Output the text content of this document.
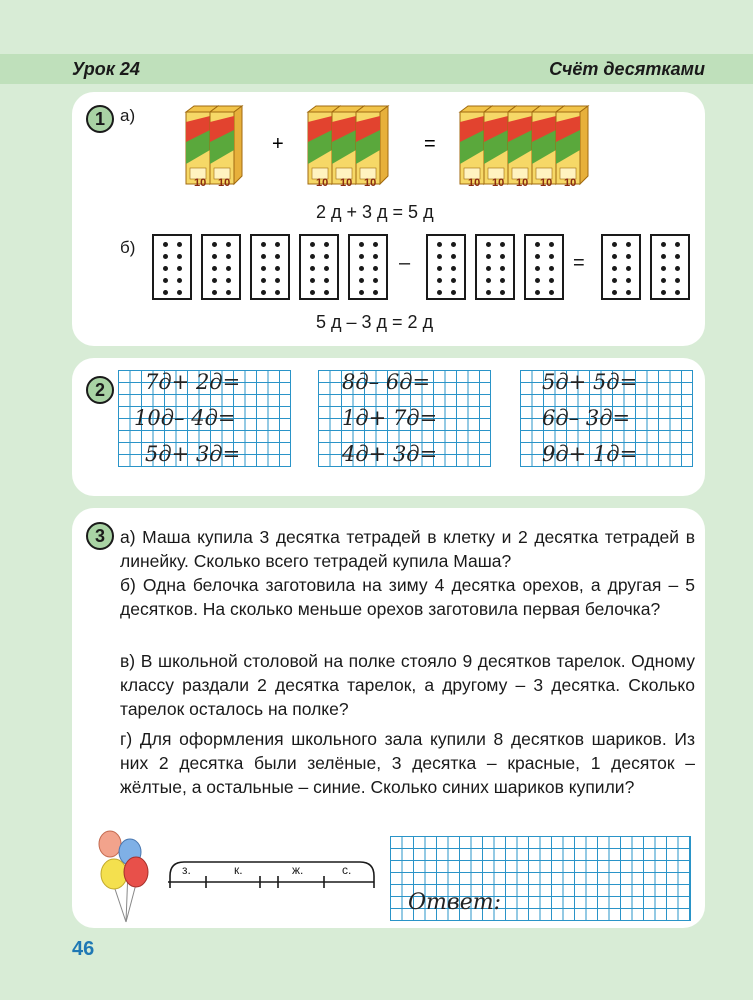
Урок 24	Счёт десятками
1 а)
10 10
+
10 10 10
=
10 10 10 10 10
2 д + 3 д = 5 д
б)
–	=
5 д – 3 д = 2 д
2	7д+ 2д=
10д– 4д=
5д+ 3д=
8д– 6д=
1д+ 7д=
4д+ 3д=
5д+ 5д=
6д– 3д=
9д+ 1д=
3 а) Маша купила 3 десятка тетрадей в клетку и 2 десятка тетрадей в линейку. Сколько всего тетрадей купила Маша?
б) Одна белочка заготовила на зиму 4 десятка орехов, а другая – 5 десятков. На сколько меньше орехов заготовила первая белочка?
в) В школьной столовой на полке стояло 9 десятков тарелок. Одному классу раздали 2 десятка тарелок, а другому – 3 десятка. Сколько тарелок осталось на полке?
г) Для оформления школьного зала купили 8 десятков шариков. Из них 2 десятка были зелёные, 3 десятка – красные, 1 десяток – жёлтые, а остальные – синие. Сколько синих шариков купили?
з.	к.	ж.	с.
Ответ:
46
